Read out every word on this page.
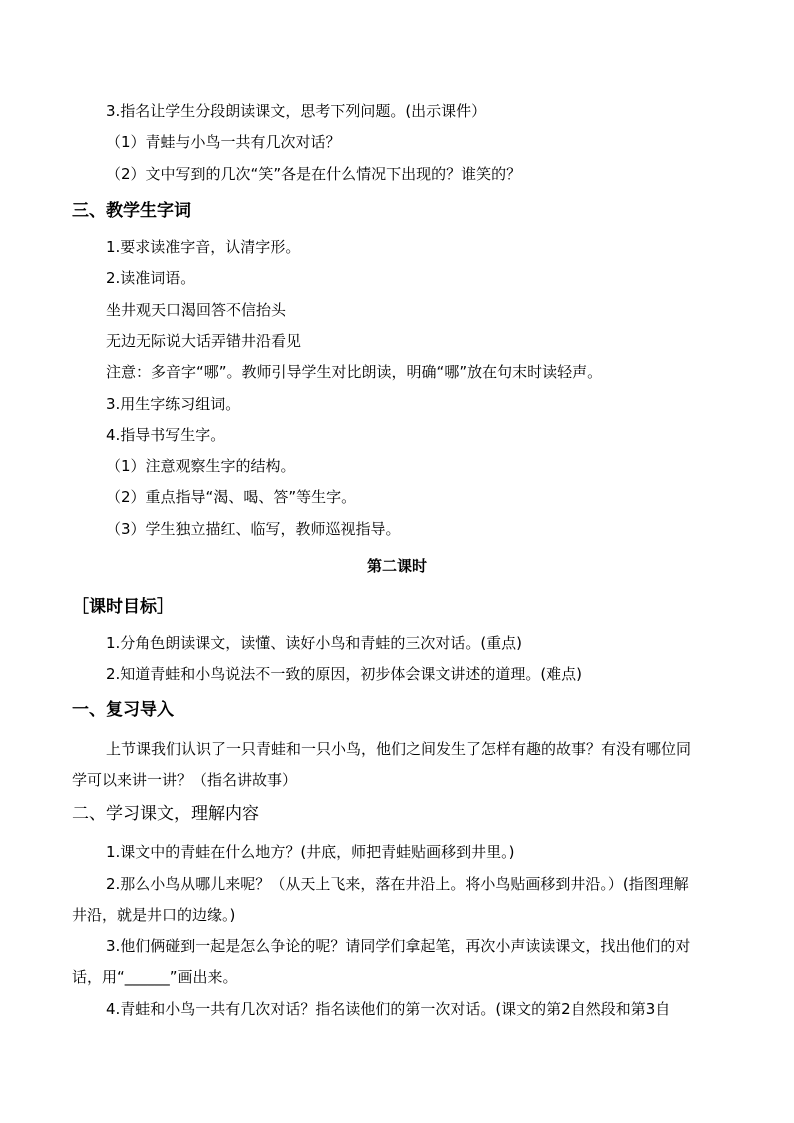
3.指名让学生分段朗读课文，思考下列问题。(出示课件）
（1）青蛙与小鸟一共有几次对话？
（2）文中写到的几次“笑”各是在什么情况下出现的？谁笑的？
三、教学生字词
1.要求读准字音，认清字形。
2.读准词语。
坐井观天口渴回答不信抬头
无边无际说大话弄错井沿看见
注意：多音字“哪”。教师引导学生对比朗读，明确“哪”放在句末时读轻声。
3.用生字练习组词。
4.指导书写生字。
（1）注意观察生字的结构。
（2）重点指导“渴、喝、答”等生字。
（3）学生独立描红、临写，教师巡视指导。
第二课时
［课时目标］
1.分角色朗读课文，读懂、读好小鸟和青蛙的三次对话。(重点)
2.知道青蛙和小鸟说法不一致的原因，初步体会课文讲述的道理。(难点)
一、复习导入
上节课我们认识了一只青蛙和一只小鸟，他们之间发生了怎样有趣的故事？有没有哪位同
学可以来讲一讲？（指名讲故事）
二、学习课文，理解内容
1.课文中的青蛙在什么地方？(井底，师把青蛙贴画移到井里。)
2.那么小鸟从哪儿来呢？（从天上飞来，落在井沿上。将小鸟贴画移到井沿。）(指图理解
井沿，就是井口的边缘。)
3.他们俩碰到一起是怎么争论的呢？请同学们拿起笔，再次小声读读课文，找出他们的对
话，用“______”画出来。
4.青蛙和小鸟一共有几次对话？指名读他们的第一次对话。(课文的第2自然段和第3自
